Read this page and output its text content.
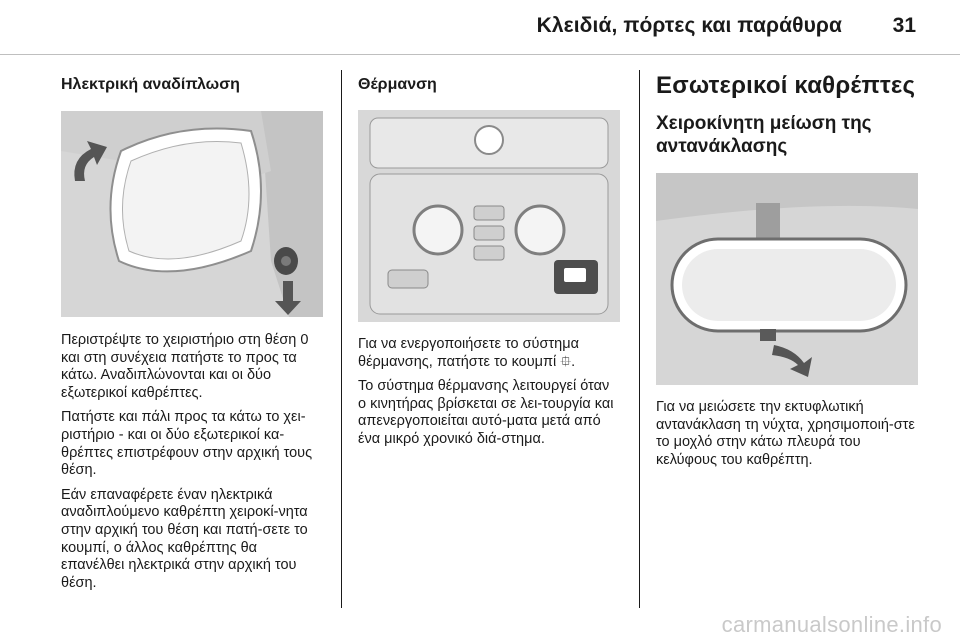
Κλειδιά, πόρτες και παράθυρα 31
Ηλεκτρική αναδίπλωση

Περιστρέψτε το χειριστήριο στη θέση 0 και στη συνέχεια πατήστε το προς τα κάτω. Αναδιπλώνονται και οι δύο εξωτερικοί καθρέπτες.

Πατήστε και πάλι προς τα κάτω το χει-ριστήριο - και οι δύο εξωτερικοί κα-θρέπτες επιστρέφουν στην αρχική τους θέση.

Εάν επαναφέρετε έναν ηλεκτρικά αναδιπλούμενο καθρέπτη χειροκί-νητα στην αρχική του θέση και πατή-σετε το κουμπί, ο άλλος καθρέπτης θα επανέλθει ηλεκτρικά στην αρχική του θέση.

Θέρμανση

Για να ενεργοποιήσετε το σύστημα θέρμανσης, πατήστε το κουμπί ⯐.

Το σύστημα θέρμανσης λειτουργεί όταν ο κινητήρας βρίσκεται σε λει-τουργία και απενεργοποιείται αυτό-ματα μετά από ένα μικρό χρονικό διά-στημα.

Εσωτερικοί καθρέπτες
Χειροκίνητη μείωση της αντανάκλασης

Για να μειώσετε την εκτυφλωτική αντανάκλαση τη νύχτα, χρησιμοποιή-στε το μοχλό στην κάτω πλευρά του κελύφους του καθρέπτη.

carmanualsonline.info
